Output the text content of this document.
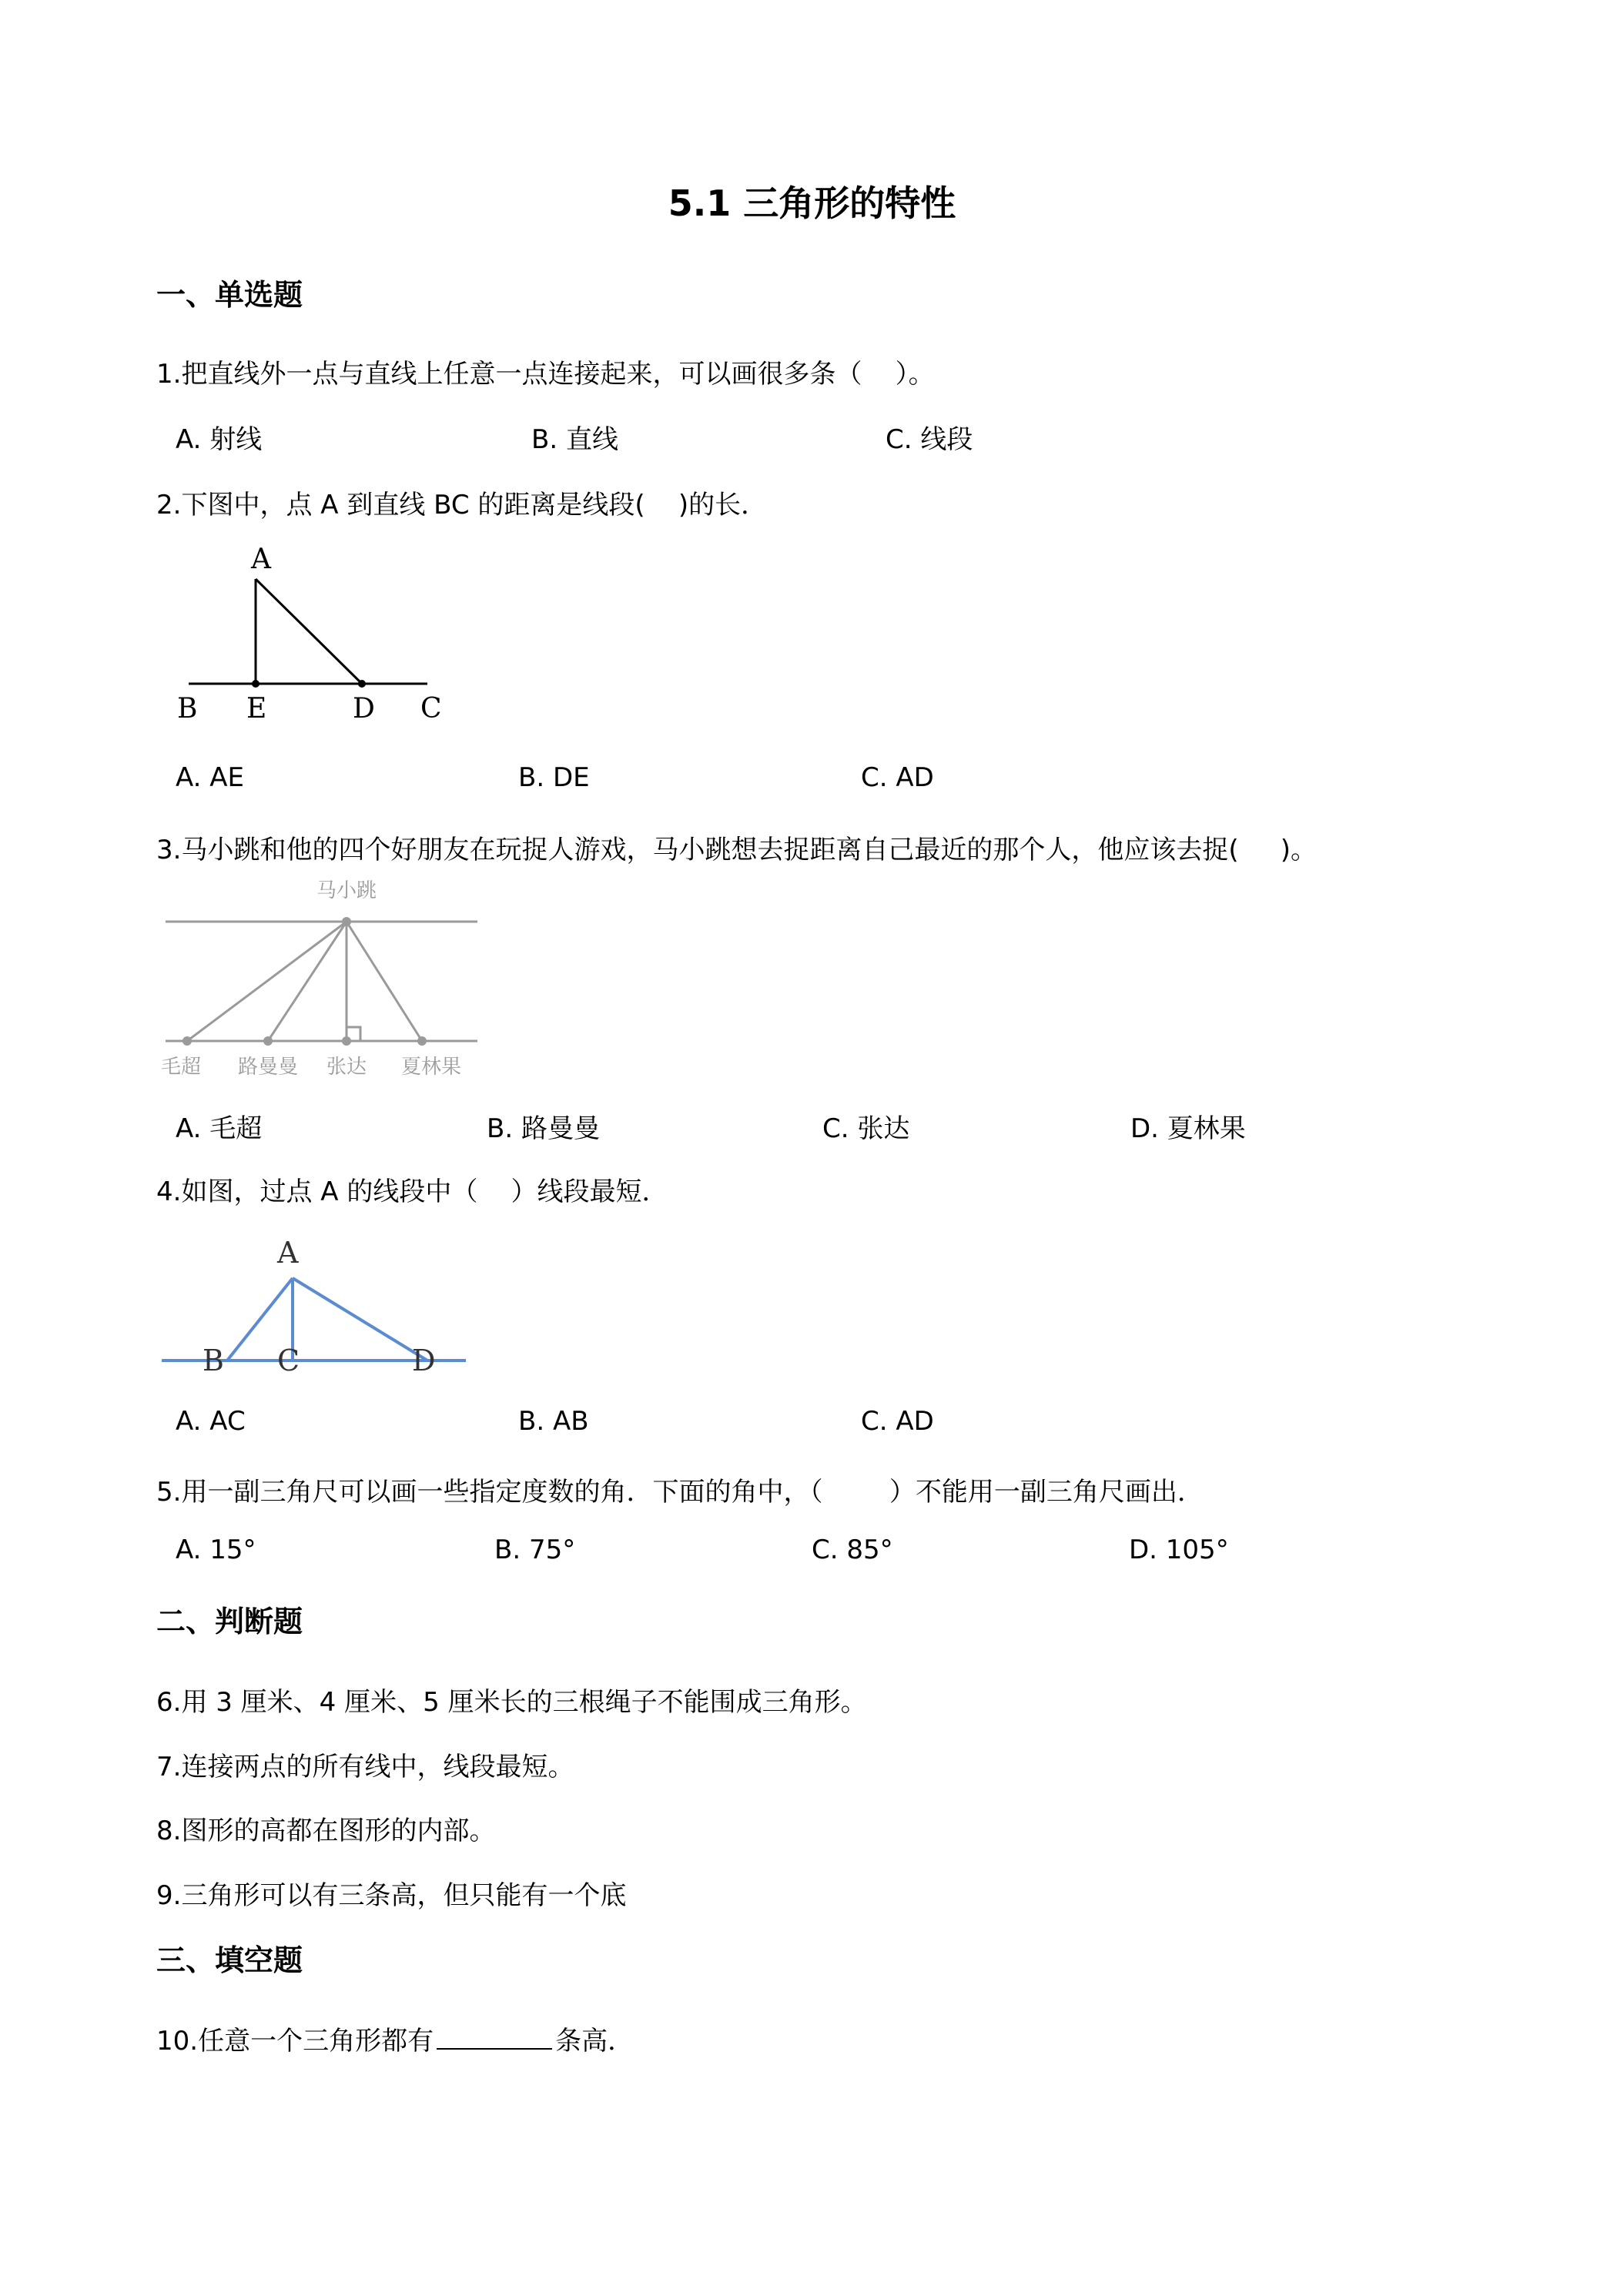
5.1 三角形的特性
一、单选题
1.把直线外一点与直线上任意一点连接起来，可以画很多条（    ）。
A. 射线	B. 直线	C. 线段
2.下图中，点 A 到直线 BC 的距离是线段(    )的长．
A
B E	D C
A. AE	B. DE	C. AD
3.马小跳和他的四个好朋友在玩捉人游戏，马小跳想去捉距离自己最近的那个人，他应该去捉(     )。
马小跳
毛超 路曼曼 张达 夏林果
A. 毛超	B. 路曼曼	C. 张达	D. 夏林果
4.如图，过点 A 的线段中（    ）线段最短．
A
B C	D
A. AC	B. AB	C. AD
5.用一副三角尺可以画一些指定度数的角．下面的角中，（        ）不能用一副三角尺画出．
A. 15°	B. 75°	C. 85°	D. 105°
二、判断题
6.用 3 厘米、4 厘米、5 厘米长的三根绳子不能围成三角形。
7.连接两点的所有线中，线段最短。
8.图形的高都在图形的内部。
9.三角形可以有三条高，但只能有一个底
三、填空题
10.任意一个三角形都有	条高．
